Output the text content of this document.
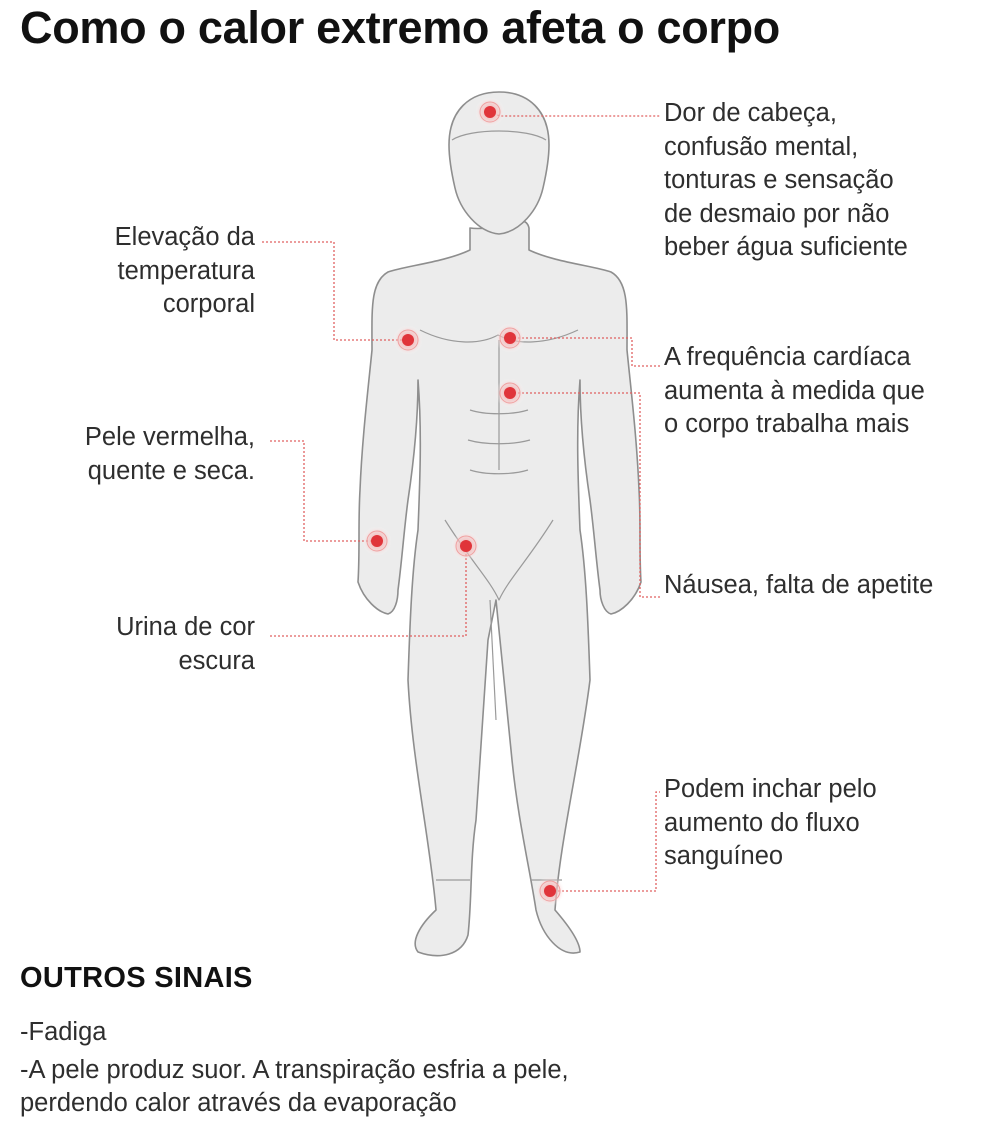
Como o calor extremo afeta o corpo
Dor de cabeça,
confusão mental,
tonturas e sensação
de desmaio por não
beber água suficiente
Elevação da
temperatura
corporal
A frequência cardíaca
aumenta à medida que
o corpo trabalha mais
Pele vermelha,
quente e seca.
Náusea, falta de apetite
Urina de cor
escura
Podem inchar pelo
aumento do fluxo
sanguíneo
OUTROS SINAIS
-Fadiga
-A pele produz suor. A transpiração esfria a pele,
perdendo calor através da evaporação
